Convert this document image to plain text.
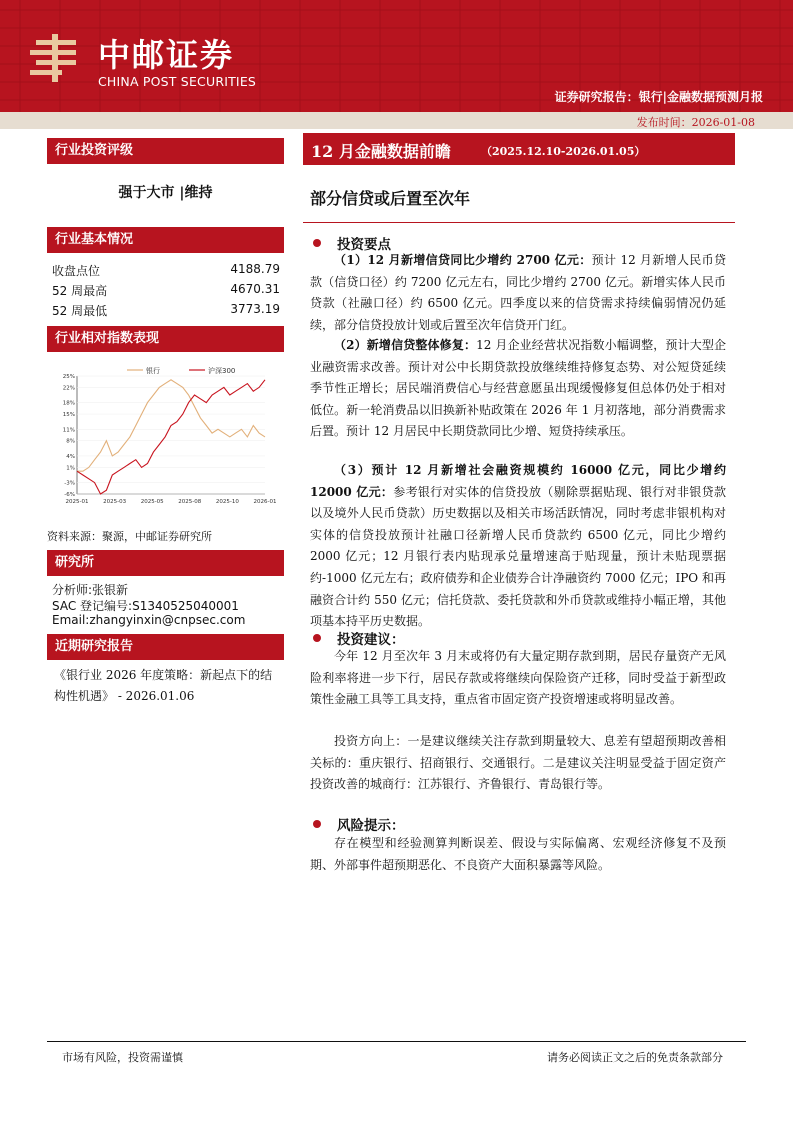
中邮证券
CHINA POST SECURITIES
证券研究报告：银行|金融数据预测月报
发布时间：2026-01-08
行业投资评级
强于大市 |维持
行业基本情况
收盘点位	4188.79
52 周最高	4670.31
52 周最低	3773.19
行业相对指数表现
25%
22%
18%
15%
11%
8%
4%
1%
-3%
-6%
2025-01	2025-03	2025-05	2025-08	2025-10	2026-01
银行	沪深300
资料来源：聚源，中邮证券研究所
研究所
分析师:张银新
SAC 登记编号:S1340525040001
Email:zhangyinxin@cnpsec.com
近期研究报告
《银行业 2026 年度策略：新起点下的结构性机遇》 - 2026.01.06
12 月金融数据前瞻	（2025.12.10-2026.01.05）
部分信贷或后置至次年
投资要点
（1）12 月新增信贷同比少增约 2700 亿元：预计 12 月新增人民币贷款（信贷口径）约 7200 亿元左右，同比少增约 2700 亿元。新增实体人民币贷款（社融口径）约 6500 亿元。四季度以来的信贷需求持续偏弱情况仍延续，部分信贷投放计划或后置至次年信贷开门红。
（2）新增信贷整体修复：12 月企业经营状况指数小幅调整，预计大型企业融资需求改善。预计对公中长期贷款投放继续维持修复态势、对公短贷延续季节性正增长；居民端消费信心与经营意愿虽出现缓慢修复但总体仍处于相对低位。新一轮消费品以旧换新补贴政策在 2026 年 1 月初落地，部分消费需求后置。预计 12 月居民中长期贷款同比少增、短贷持续承压。
（3）预计 12 月新增社会融资规模约 16000 亿元，同比少增约 12000 亿元：参考银行对实体的信贷投放（剔除票据贴现、银行对非银贷款以及境外人民币贷款）历史数据以及相关市场活跃情况，同时考虑非银机构对实体的信贷投放预计社融口径新增人民币贷款约 6500 亿元，同比少增约 2000 亿元；12 月银行表内贴现承兑量增速高于贴现量，预计未贴现票据约-1000 亿元左右；政府债券和企业债券合计净融资约 7000 亿元；IPO 和再融资合计约 550 亿元；信托贷款、委托贷款和外币贷款或维持小幅正增，其他项基本持平历史数据。
投资建议：
今年 12 月至次年 3 月末或将仍有大量定期存款到期，居民存量资产无风险利率将进一步下行，居民存款或将继续向保险资产迁移，同时受益于新型政策性金融工具等工具支持，重点省市固定资产投资增速或将明显改善。
投资方向上：一是建议继续关注存款到期量较大、息差有望超预期改善相关标的：重庆银行、招商银行、交通银行。二是建议关注明显受益于固定资产投资改善的城商行：江苏银行、齐鲁银行、青岛银行等。
风险提示：
存在模型和经验测算判断误差、假设与实际偏离、宏观经济修复不及预期、外部事件超预期恶化、不良资产大面积暴露等风险。
市场有风险，投资需谨慎	请务必阅读正文之后的免责条款部分
